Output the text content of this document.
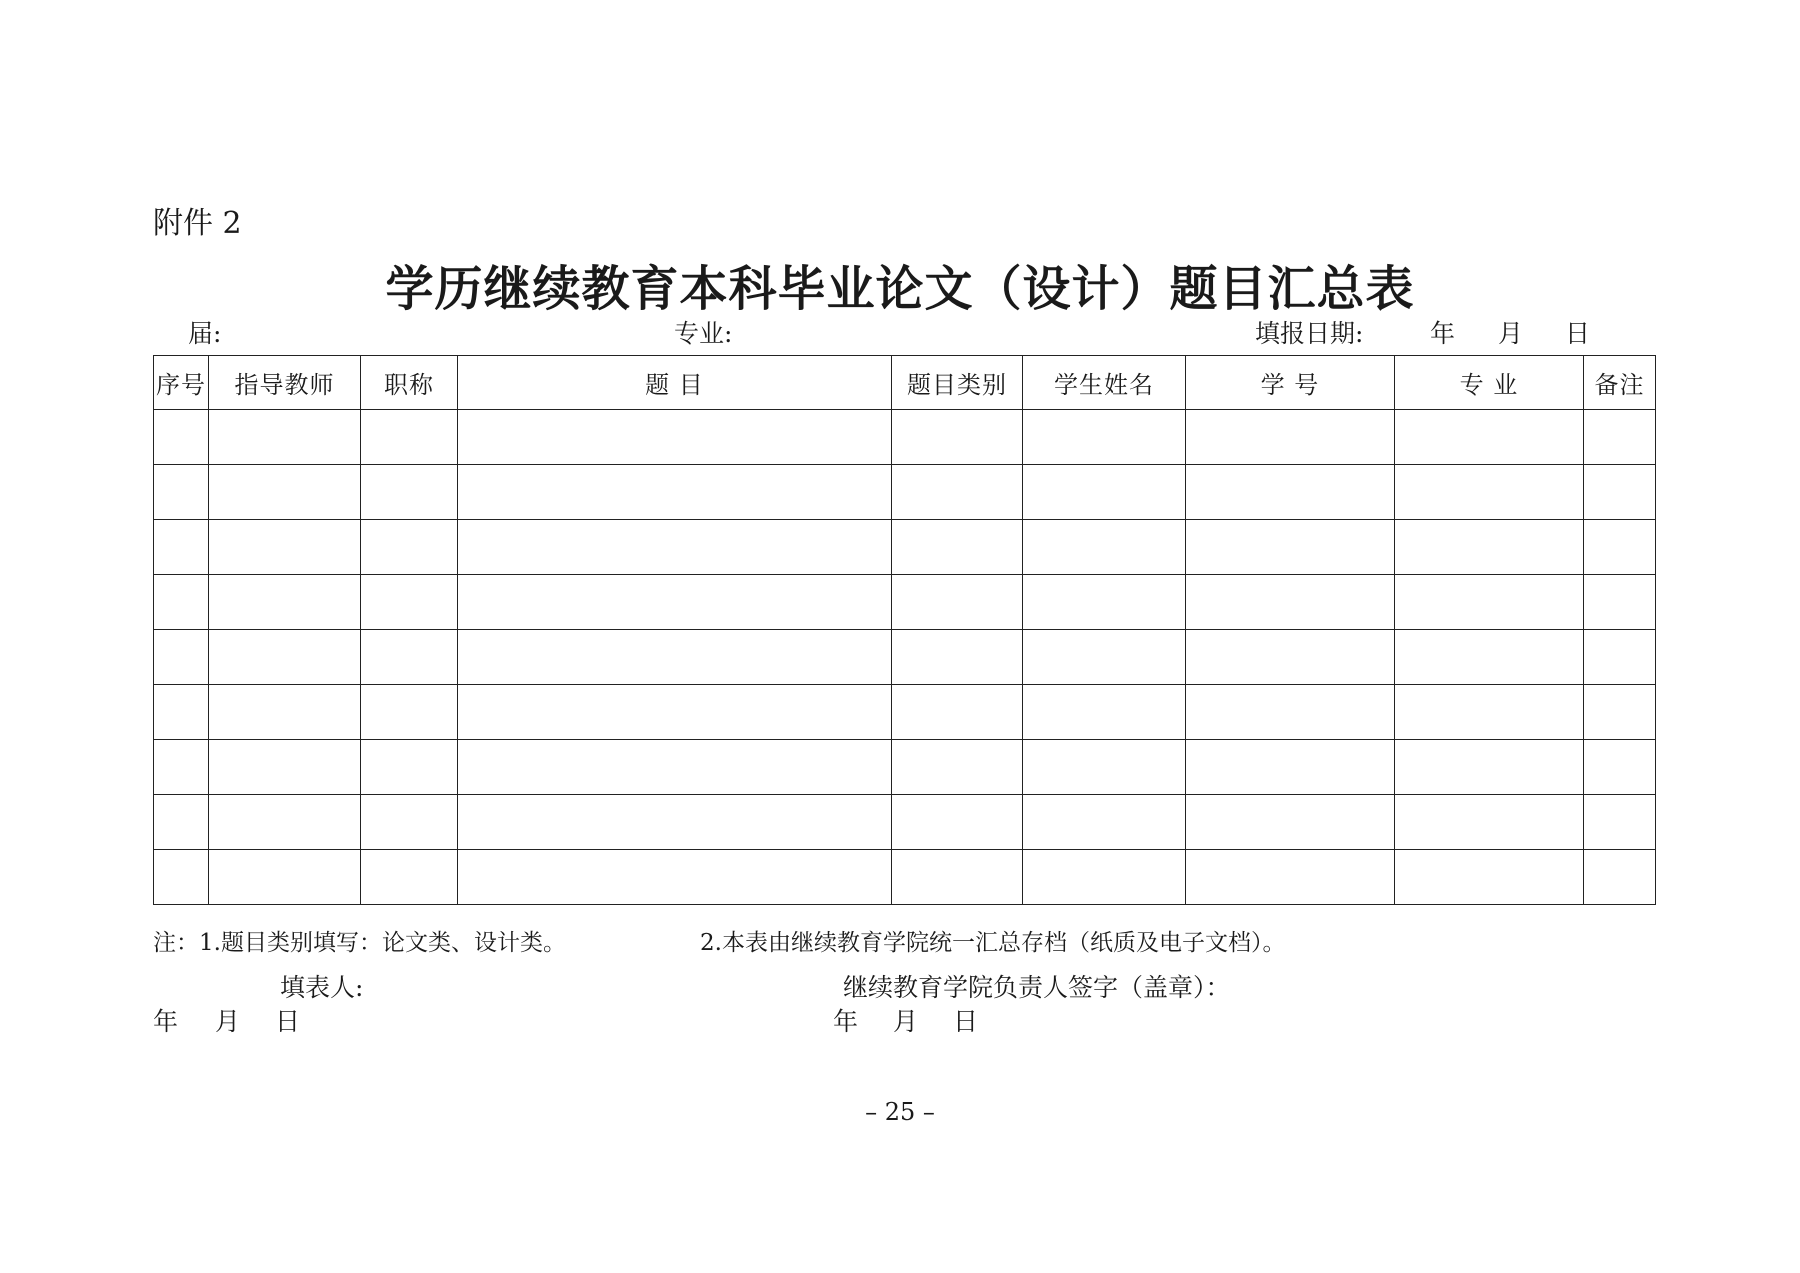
附件 2
学历继续教育本科毕业论文（设计）题目汇总表
届:	专业:	填报日期:	年 月 日
序号	指导教师	职称	题 目	题目类别	学生姓名	学 号	专 业	备注

注：1.题目类别填写：论文类、设计类。	2.本表由继续教育学院统一汇总存档（纸质及电子文档）。
填表人:	继续教育学院负责人签字（盖章）：
年 月 日	年 月 日
– 25 –
